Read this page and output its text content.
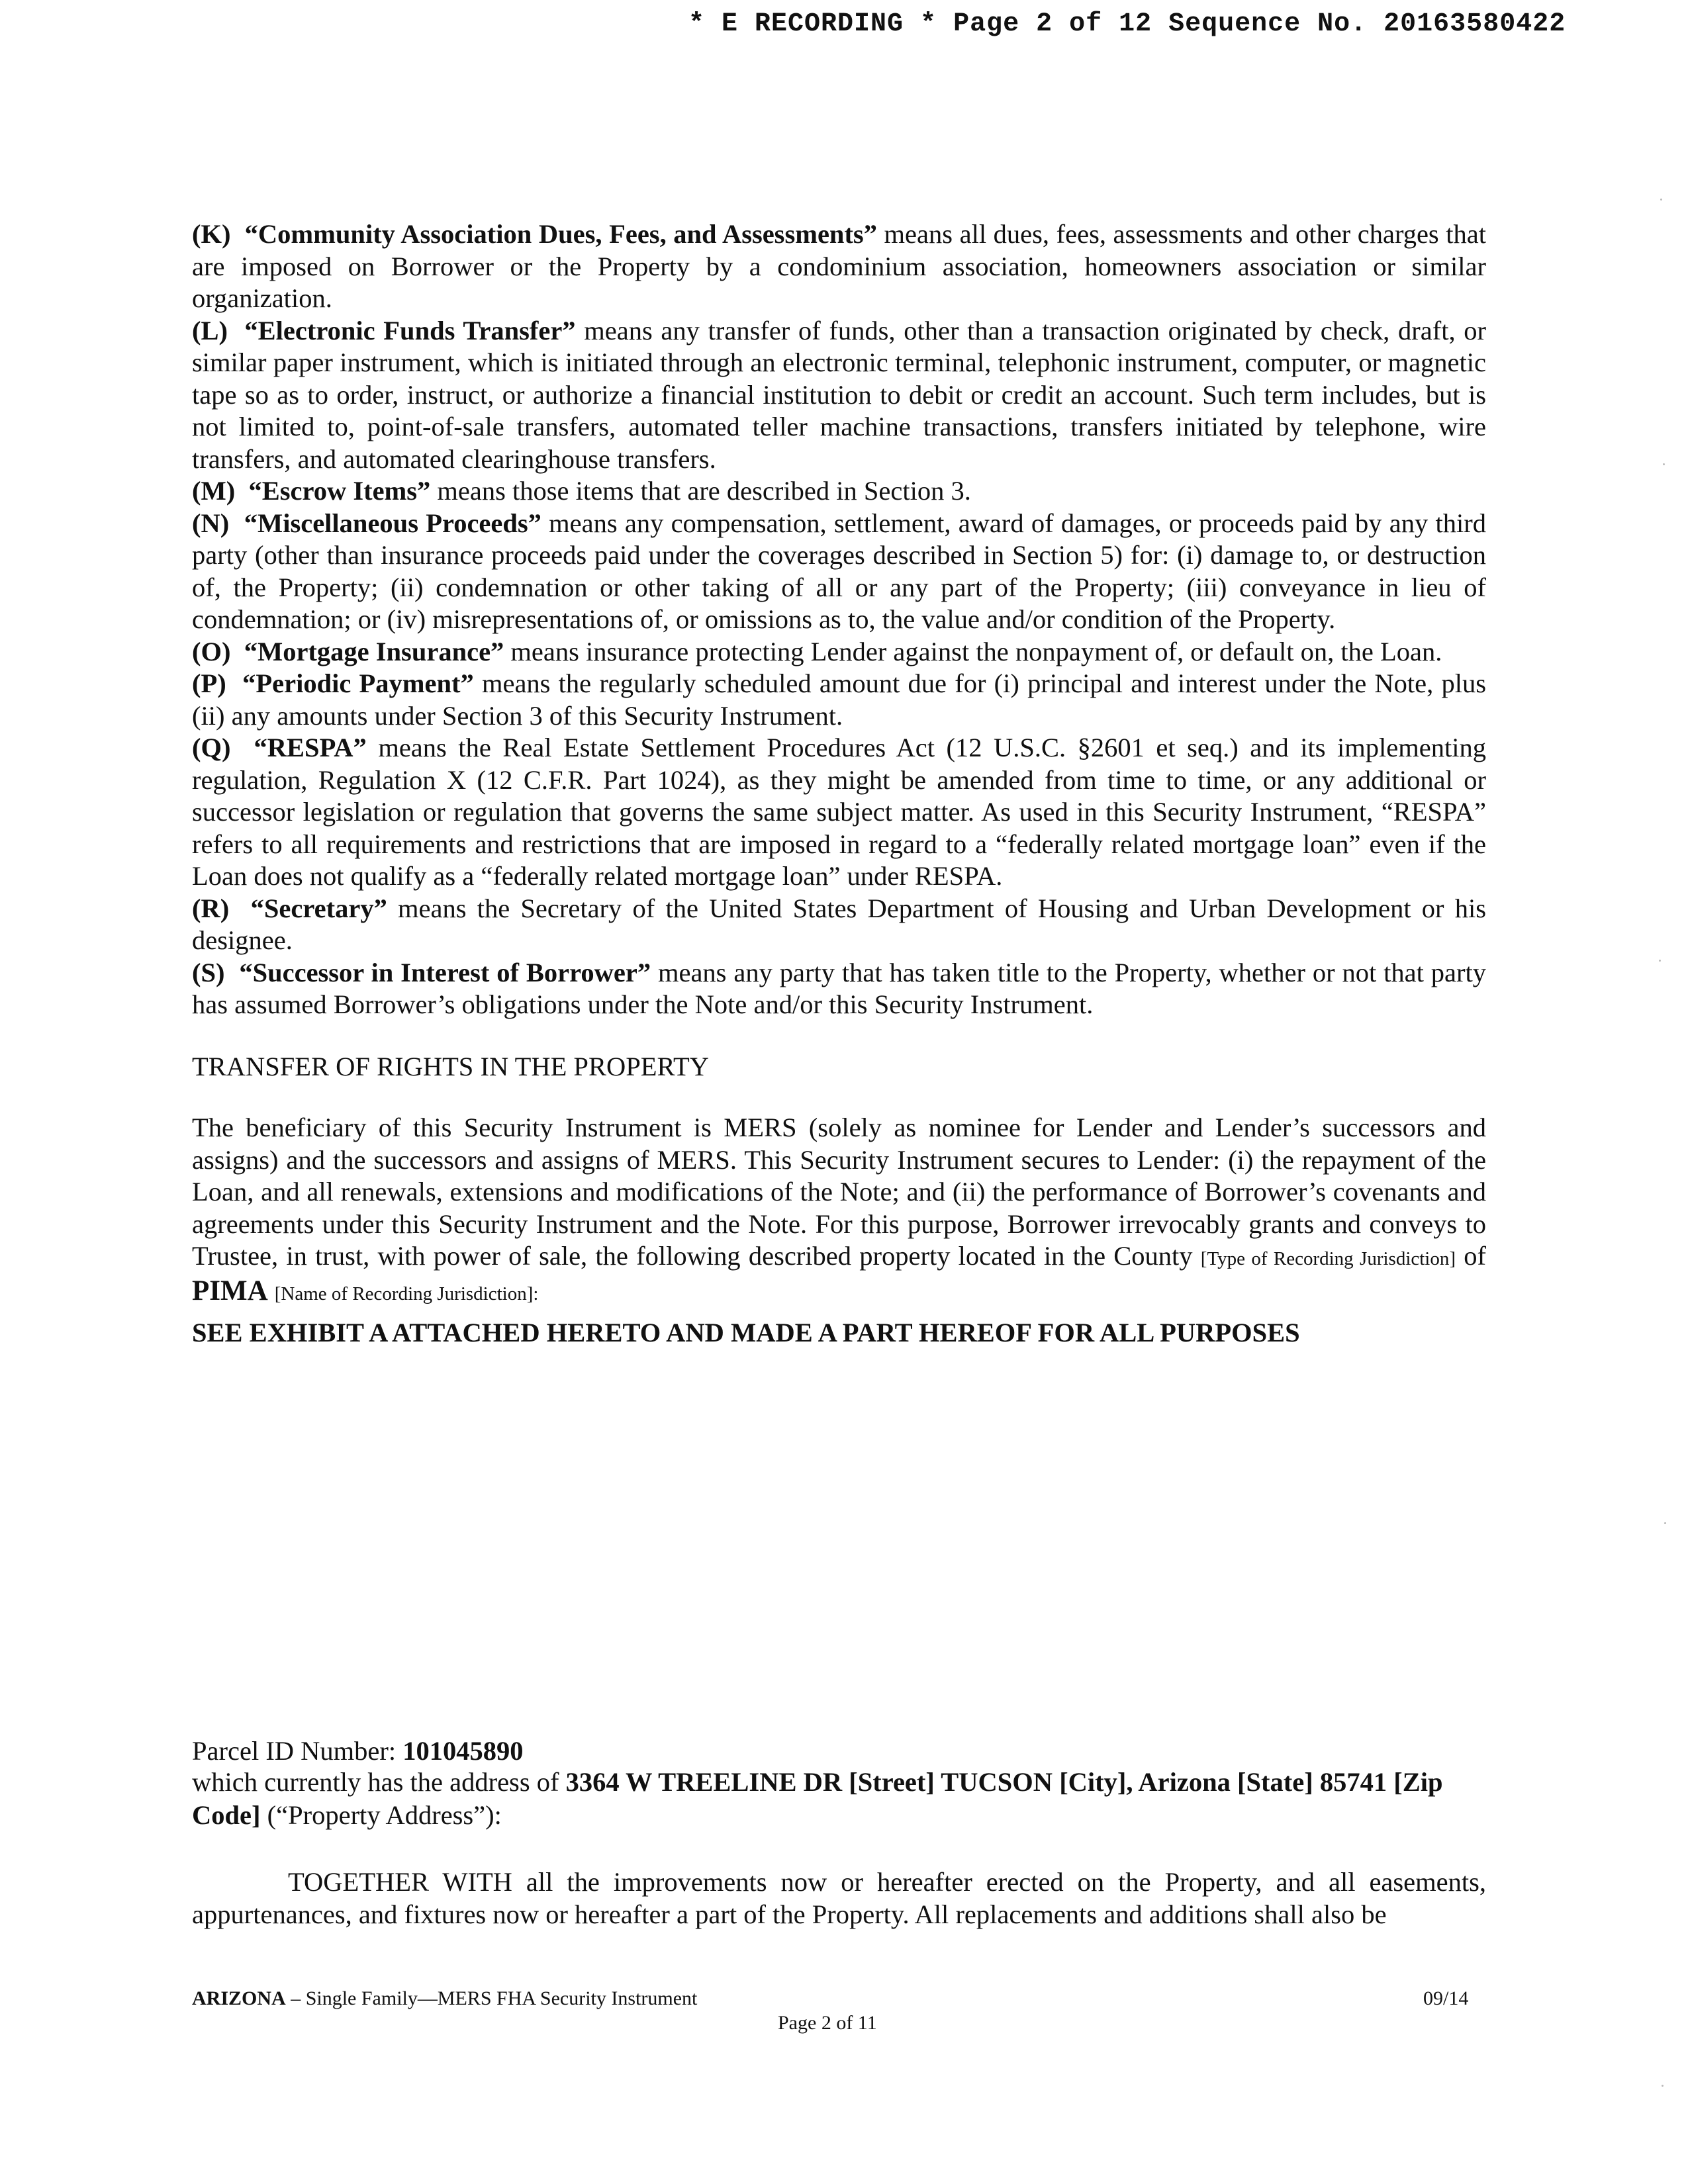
* E RECORDING * Page 2 of 12 Sequence No. 20163580422

(K) “Community Association Dues, Fees, and Assessments” means all dues, fees, assessments and other charges that are imposed on Borrower or the Property by a condominium association, homeowners association or similar organization.

(L) “Electronic Funds Transfer” means any transfer of funds, other than a transaction originated by check, draft, or similar paper instrument, which is initiated through an electronic terminal, telephonic instrument, computer, or magnetic tape so as to order, instruct, or authorize a financial institution to debit or credit an account. Such term includes, but is not limited to, point-of-sale transfers, automated teller machine transactions, transfers initiated by telephone, wire transfers, and automated clearinghouse transfers.

(M) “Escrow Items” means those items that are described in Section 3.

(N) “Miscellaneous Proceeds” means any compensation, settlement, award of damages, or proceeds paid by any third party (other than insurance proceeds paid under the coverages described in Section 5) for: (i) damage to, or destruction of, the Property; (ii) condemnation or other taking of all or any part of the Property; (iii) conveyance in lieu of condemnation; or (iv) misrepresentations of, or omissions as to, the value and/or condition of the Property.

(O) “Mortgage Insurance” means insurance protecting Lender against the nonpayment of, or default on, the Loan.

(P) “Periodic Payment” means the regularly scheduled amount due for (i) principal and interest under the Note, plus (ii) any amounts under Section 3 of this Security Instrument.

(Q) “RESPA” means the Real Estate Settlement Procedures Act (12 U.S.C. §2601 et seq.) and its implementing regulation, Regulation X (12 C.F.R. Part 1024), as they might be amended from time to time, or any additional or successor legislation or regulation that governs the same subject matter. As used in this Security Instrument, “RESPA” refers to all requirements and restrictions that are imposed in regard to a “federally related mortgage loan” even if the Loan does not qualify as a “federally related mortgage loan” under RESPA.

(R) “Secretary” means the Secretary of the United States Department of Housing and Urban Development or his designee.

(S) “Successor in Interest of Borrower” means any party that has taken title to the Property, whether or not that party has assumed Borrower’s obligations under the Note and/or this Security Instrument.

TRANSFER OF RIGHTS IN THE PROPERTY

The beneficiary of this Security Instrument is MERS (solely as nominee for Lender and Lender’s successors and assigns) and the successors and assigns of MERS. This Security Instrument secures to Lender: (i) the repayment of the Loan, and all renewals, extensions and modifications of the Note; and (ii) the performance of Borrower’s covenants and agreements under this Security Instrument and the Note. For this purpose, Borrower irrevocably grants and conveys to Trustee, in trust, with power of sale, the following described property located in the County [Type of Recording Jurisdiction] of PIMA [Name of Recording Jurisdiction]:

SEE EXHIBIT A ATTACHED HERETO AND MADE A PART HEREOF FOR ALL PURPOSES

Parcel ID Number: 101045890

which currently has the address of 3364 W TREELINE DR [Street] TUCSON [City], Arizona [State] 85741 [Zip Code] (“Property Address”):

TOGETHER WITH all the improvements now or hereafter erected on the Property, and all easements, appurtenances, and fixtures now or hereafter a part of the Property. All replacements and additions shall also be

ARIZONA – Single Family—MERS FHA Security Instrument	09/14
Page 2 of 11
